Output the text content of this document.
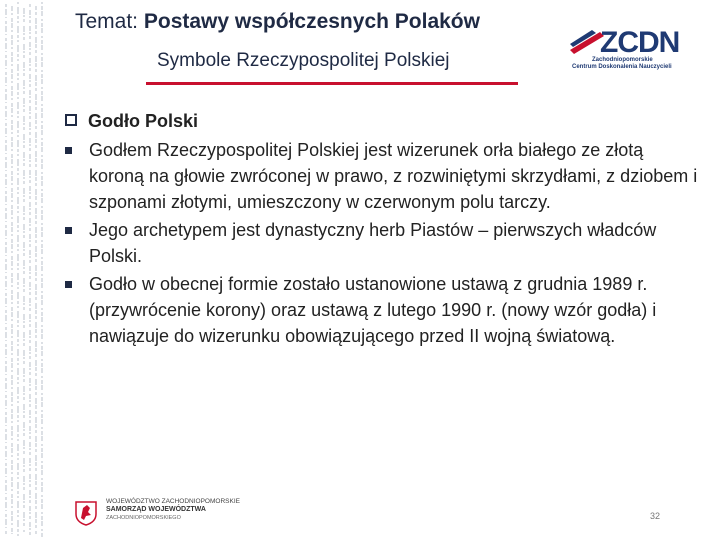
Temat: Postawy współczesnych Polaków
Symbole Rzeczypospolitej Polskiej
ZCDN
Zachodniopomorskie
Centrum Doskonalenia Nauczycieli
Godło Polski
Godłem Rzeczypospolitej Polskiej jest wizerunek orła białego ze złotą koroną na głowie zwróconej w prawo, z rozwiniętymi skrzydłami, z dziobem i szponami złotymi, umieszczony w czerwonym polu tarczy.
Jego archetypem jest dynastyczny herb Piastów – pierwszych władców Polski.
Godło w obecnej formie zostało ustanowione ustawą z grudnia 1989 r. (przywrócenie korony) oraz ustawą z lutego 1990 r. (nowy wzór godła) i nawiązuje do wizerunku obowiązującego przed II wojną światową.
WOJEWÓDZTWO ZACHODNIOPOMORSKIE
SAMORZĄD WOJEWÓDZTWA
ZACHODNIOPOMORSKIEGO	32
